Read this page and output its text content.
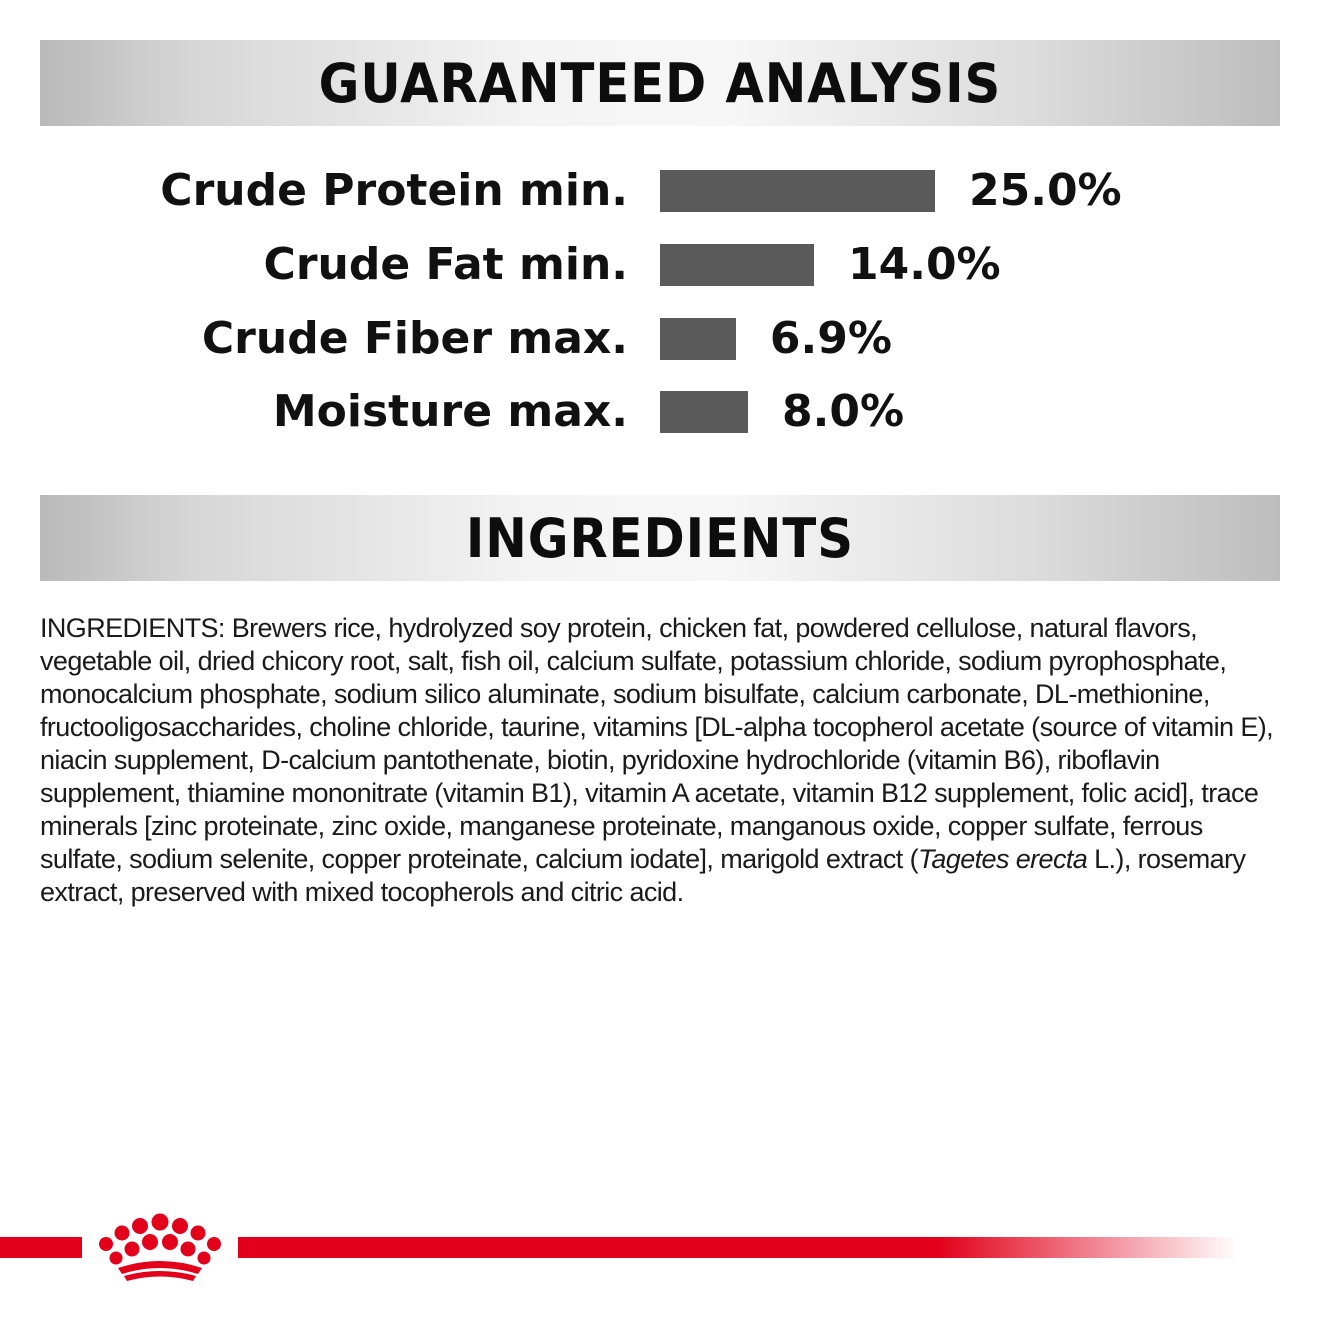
GUARANTEED ANALYSIS
Crude Protein min.	25.0%
Crude Fat min.	14.0%
Crude Fiber max.	6.9%
Moisture max.	8.0%
INGREDIENTS

INGREDIENTS: Brewers rice, hydrolyzed soy protein, chicken fat, powdered cellulose, natural flavors, vegetable oil, dried chicory root, salt, fish oil, calcium sulfate, potassium chloride, sodium pyrophosphate, monocalcium phosphate, sodium silico aluminate, sodium bisulfate, calcium carbonate, DL-methionine, fructooligosaccharides, choline chloride, taurine, vitamins [DL-alpha tocopherol acetate (source of vitamin E), niacin supplement, D-calcium pantothenate, biotin, pyridoxine hydrochloride (vitamin B6), riboflavin supplement, thiamine mononitrate (vitamin B1), vitamin A acetate, vitamin B12 supplement, folic acid], trace minerals [zinc proteinate, zinc oxide, manganese proteinate, manganous oxide, copper sulfate, ferrous sulfate, sodium selenite, copper proteinate, calcium iodate], marigold extract (Tagetes erecta L.), rosemary extract, preserved with mixed tocopherols and citric acid.
